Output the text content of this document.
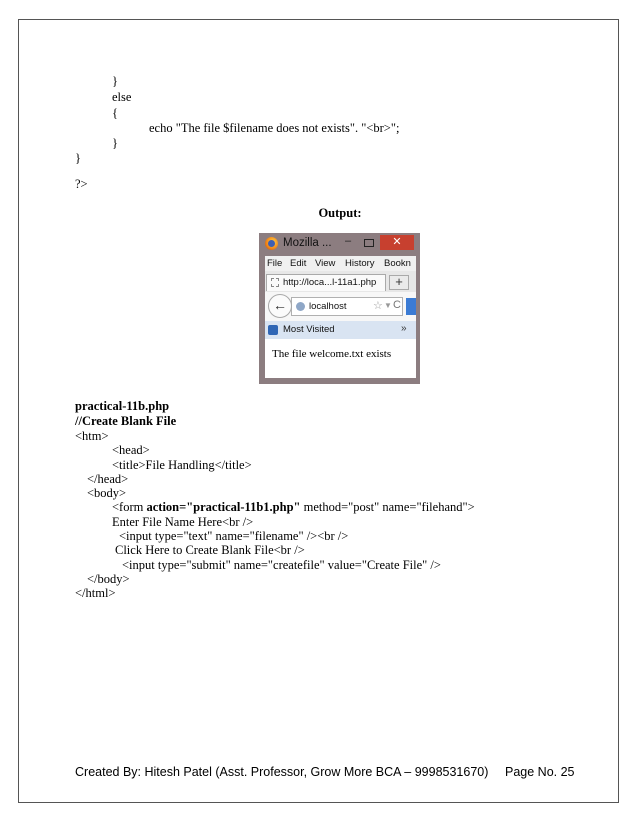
}
else
{
echo "The file $filename does not exists". "<br>";
}
}
?>
Output:
Mozilla ... –	✕
File Edit View History Bookn
http://loca...l-11a1.php	+
localhost ☆ ▼ C
←
Most Visited	»
The file welcome.txt exists
practical-11b.php
//Create Blank File
<htm>
<head>
<title>File Handling</title>
</head>
<body>
<form action="practical-11b1.php" method="post" name="filehand">
Enter File Name Here<br />
<input type="text" name="filename" /><br />
Click Here to Create Blank File<br />
<input type="submit" name="createfile" value="Create File" />
</body>
</html>
Created By: Hitesh Patel (Asst. Professor, Grow More BCA – 9998531670) Page No. 25
